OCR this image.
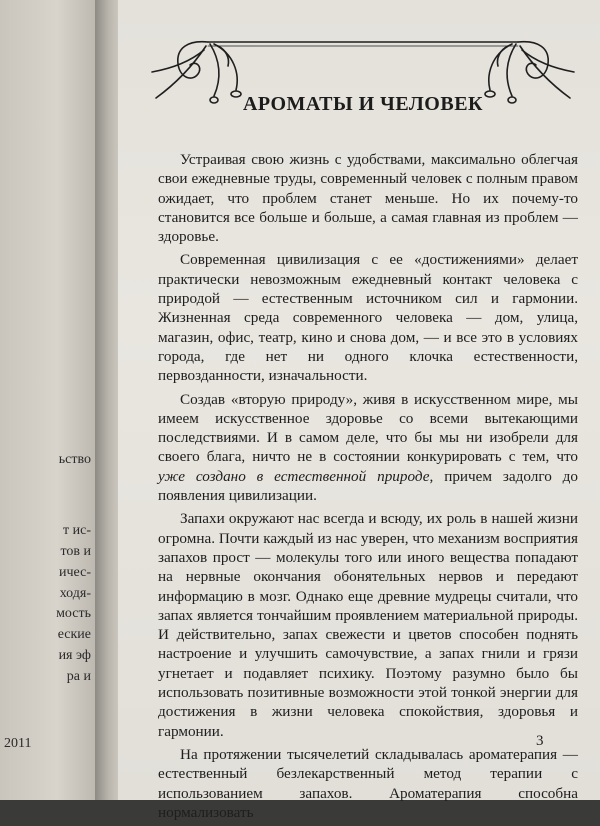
ьство
т ис-
тов и
ичес-
ходя-
мость
еские
ия эф
ра и
2011
АРОМАТЫ И ЧЕЛОВЕК

Устраивая свою жизнь с удобствами, максимально облегчая свои ежедневные труды, современный человек с полным правом ожидает, что проблем станет меньше. Но их почему-то становится все больше и больше, а самая главная из проблем — здоровье.

Современная цивилизация с ее «достижениями» делает практически невозможным ежедневный контакт человека с природой — естественным источником сил и гармонии. Жизненная среда современного человека — дом, улица, магазин, офис, театр, кино и снова дом, — и все это в условиях города, где нет ни одного клочка естественности, первозданности, изначальности.

Создав «вторую природу», живя в искусственном мире, мы имеем искусственное здоровье со всеми вытекающими последствиями. И в самом деле, что бы мы ни изобрели для своего блага, ничто не в состоянии конкурировать с тем, что уже создано в естественной природе, причем задолго до появления цивилизации.

Запахи окружают нас всегда и всюду, их роль в нашей жизни огромна. Почти каждый из нас уверен, что механизм восприятия запахов прост — молекулы того или иного вещества попадают на нервные окончания обонятельных нервов и передают информацию в мозг. Однако еще древние мудрецы считали, что запах является тончайшим проявлением материальной природы. И действительно, запах свежести и цветов способен поднять настроение и улучшить самочувствие, а запах гнили и грязи угнетает и подавляет психику. Поэтому разумно было бы использовать позитивные возможности этой тонкой энергии для достижения в жизни человека спокойствия, здоровья и гармонии.

На протяжении тысячелетий складывалась ароматерапия — естественный безлекарственный метод терапии с использованием запахов. Ароматерапия способна нормализовать

3
